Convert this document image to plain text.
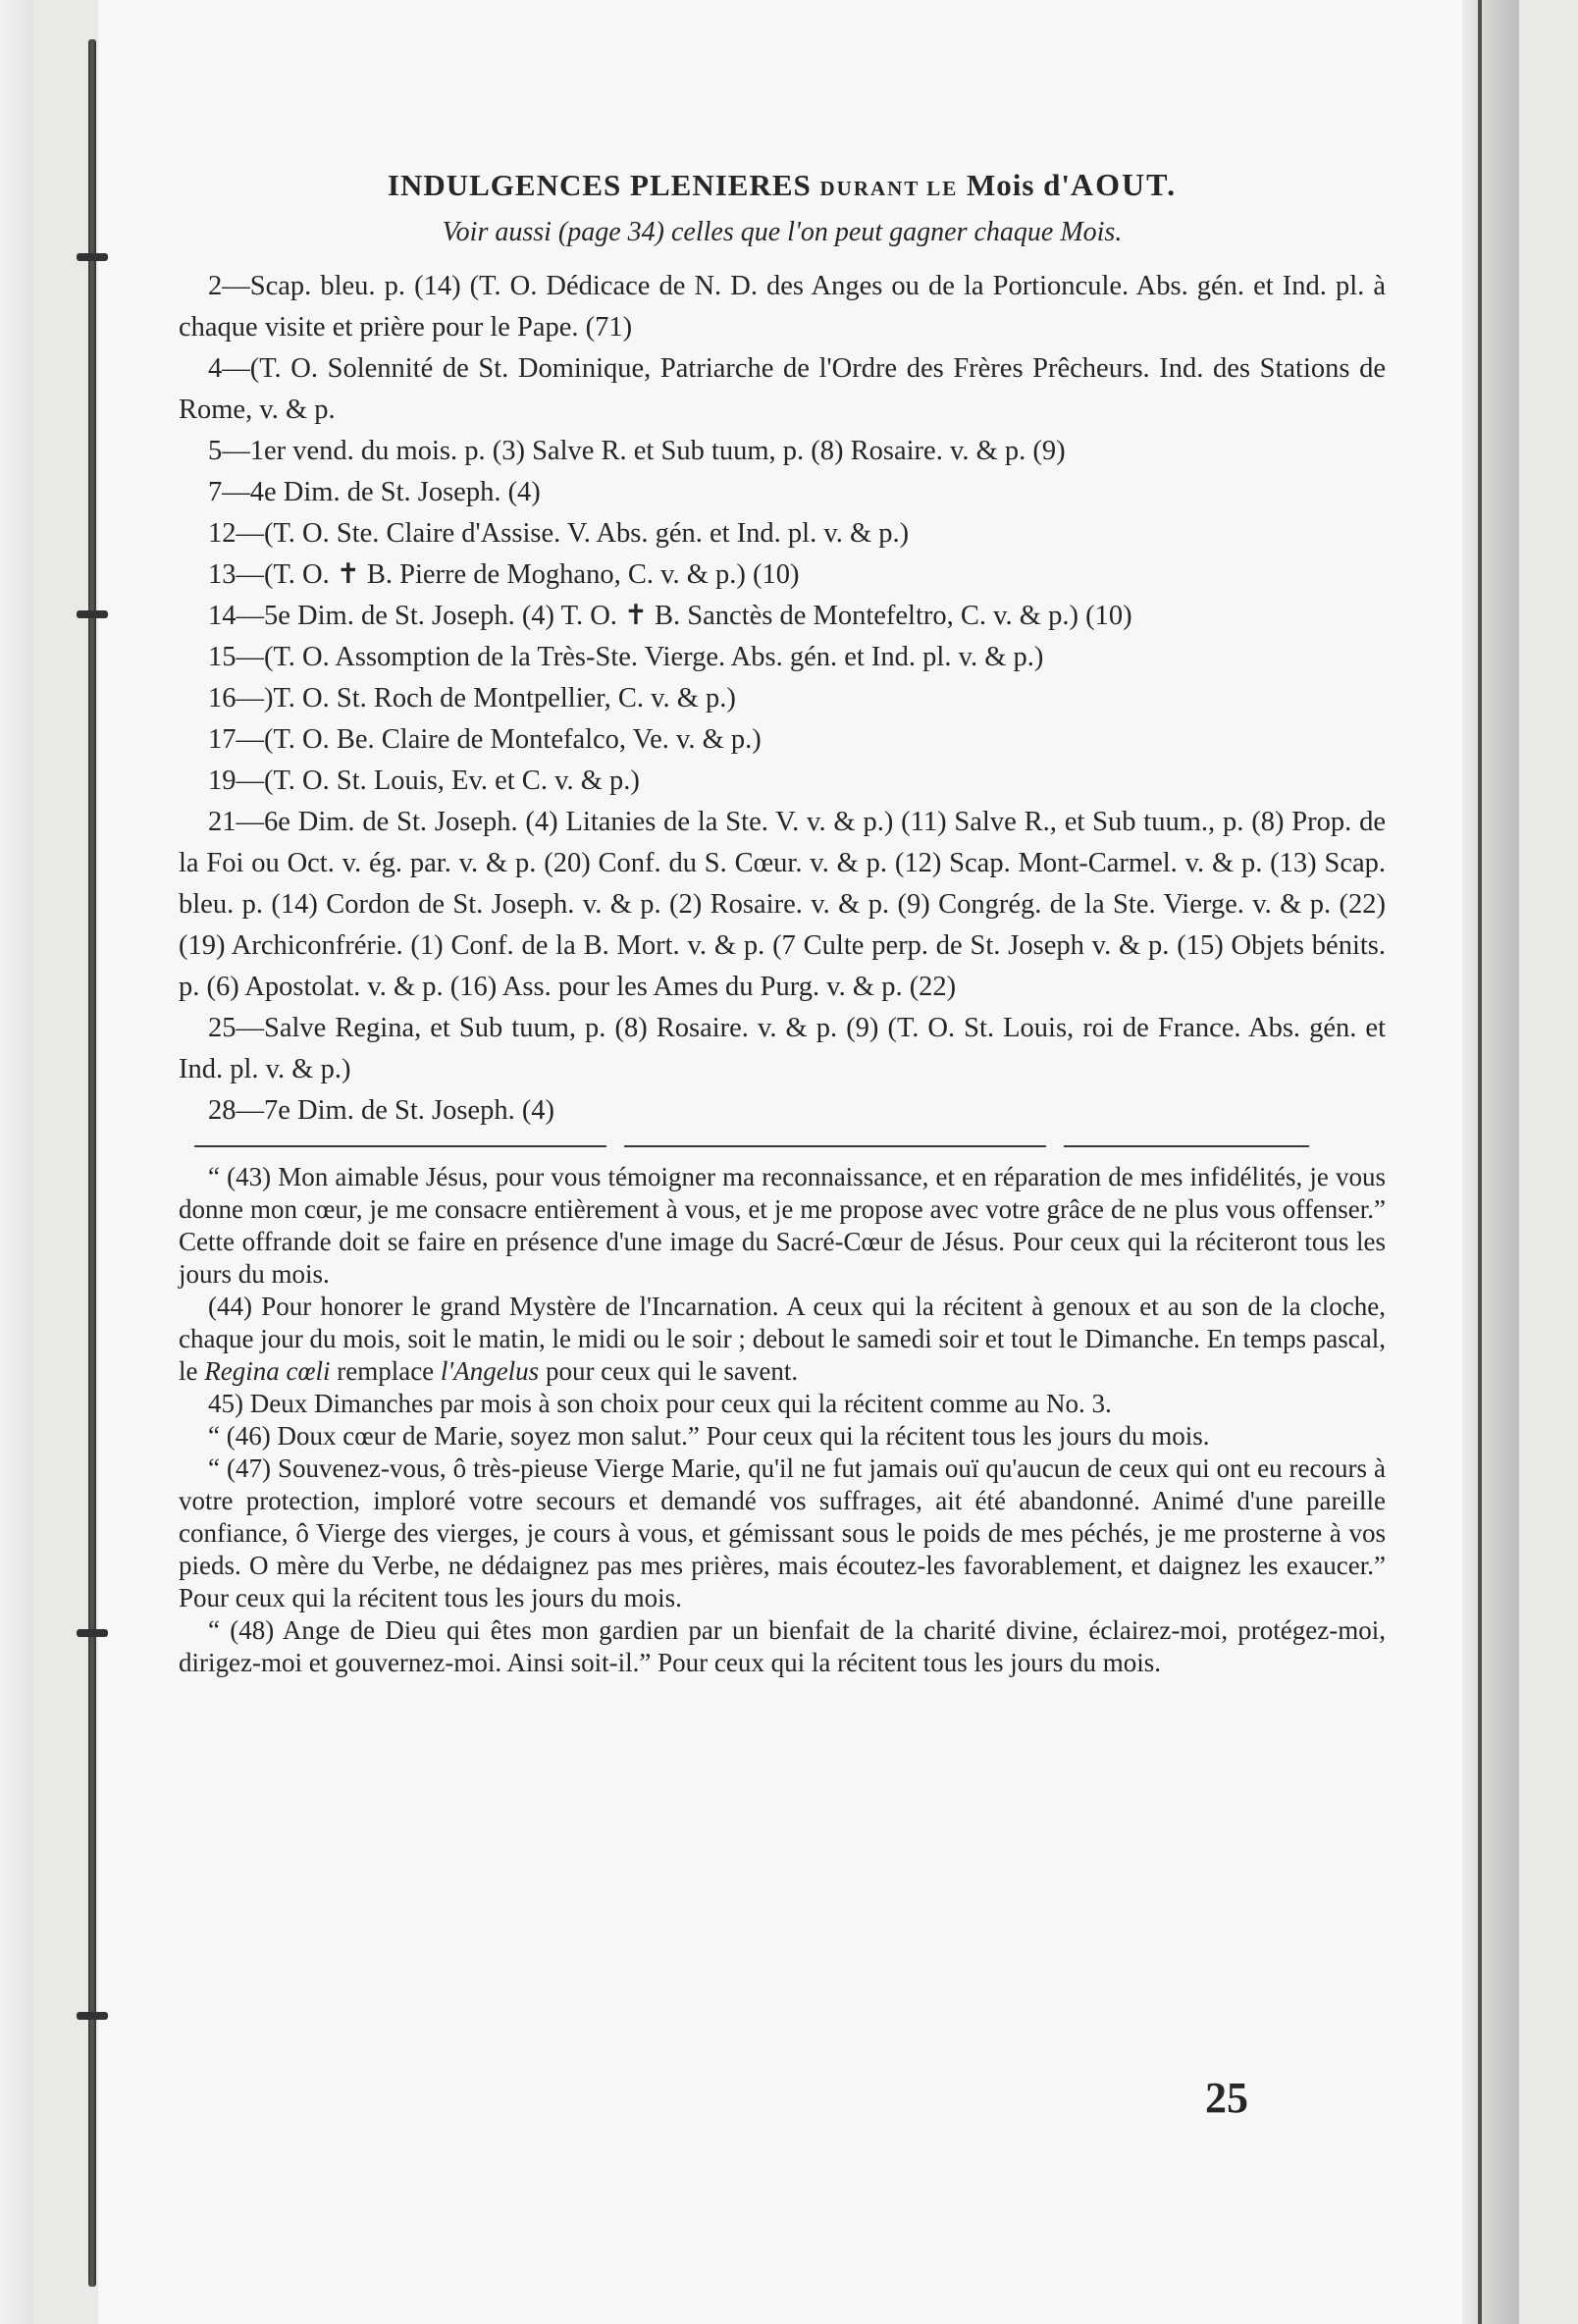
INDULGENCES PLENIERES DURANT LE Mois d'AOUT.

Voir aussi (page 34) celles que l'on peut gagner chaque Mois.

2—Scap. bleu. p. (14) (T. O. Dédicace de N. D. des Anges ou de la Portioncule. Abs. gén. et Ind. pl. à chaque visite et prière pour le Pape. (71)

4—(T. O. Solennité de St. Dominique, Patriarche de l'Ordre des Frères Prêcheurs. Ind. des Stations de Rome, v. & p.

5—1er vend. du mois. p. (3) Salve R. et Sub tuum, p. (8) Rosaire. v. & p. (9)

7—4e Dim. de St. Joseph. (4)

12—(T. O. Ste. Claire d'Assise. V. Abs. gén. et Ind. pl. v. & p.)

13—(T. O. ✝ B. Pierre de Moghano, C. v. & p.) (10)

14—5e Dim. de St. Joseph. (4) T. O. ✝ B. Sanctès de Montefeltro, C. v. & p.) (10)

15—(T. O. Assomption de la Très-Ste. Vierge. Abs. gén. et Ind. pl. v. & p.)

16—)T. O. St. Roch de Montpellier, C. v. & p.)

17—(T. O. Be. Claire de Montefalco, Ve. v. & p.)

19—(T. O. St. Louis, Ev. et C. v. & p.)

21—6e Dim. de St. Joseph. (4) Litanies de la Ste. V. v. & p.) (11) Salve R., et Sub tuum., p. (8) Prop. de la Foi ou Oct. v. ég. par. v. & p. (20) Conf. du S. Cœur. v. & p. (12) Scap. Mont-Carmel. v. & p. (13) Scap. bleu. p. (14) Cordon de St. Joseph. v. & p. (2) Rosaire. v. & p. (9) Congrég. de la Ste. Vierge. v. & p. (22) (19) Archiconfrérie. (1) Conf. de la B. Mort. v. & p. (7 Culte perp. de St. Joseph v. & p. (15) Objets bénits. p. (6) Apostolat. v. & p. (16) Ass. pour les Ames du Purg. v. & p. (22)

25—Salve Regina, et Sub tuum, p. (8) Rosaire. v. & p. (9) (T. O. St. Louis, roi de France. Abs. gén. et Ind. pl. v. & p.)

28—7e Dim. de St. Joseph. (4)

“ (43) Mon aimable Jésus, pour vous témoigner ma reconnaissance, et en réparation de mes infidélités, je vous donne mon cœur, je me consacre entièrement à vous, et je me propose avec votre grâce de ne plus vous offenser.” Cette offrande doit se faire en présence d'une image du Sacré-Cœur de Jésus. Pour ceux qui la réciteront tous les jours du mois.

(44) Pour honorer le grand Mystère de l'Incarnation. A ceux qui la récitent à genoux et au son de la cloche, chaque jour du mois, soit le matin, le midi ou le soir ; debout le samedi soir et tout le Dimanche. En temps pascal, le Regina cœli remplace l'Angelus pour ceux qui le savent.

45) Deux Dimanches par mois à son choix pour ceux qui la récitent comme au No. 3.

“ (46) Doux cœur de Marie, soyez mon salut.” Pour ceux qui la récitent tous les jours du mois.

“ (47) Souvenez-vous, ô très-pieuse Vierge Marie, qu'il ne fut jamais ouï qu'aucun de ceux qui ont eu recours à votre protection, imploré votre secours et demandé vos suffrages, ait été abandonné. Animé d'une pareille confiance, ô Vierge des vierges, je cours à vous, et gémissant sous le poids de mes péchés, je me prosterne à vos pieds. O mère du Verbe, ne dédaignez pas mes prières, mais écoutez-les favorablement, et daignez les exaucer.” Pour ceux qui la récitent tous les jours du mois.

“ (48) Ange de Dieu qui êtes mon gardien par un bienfait de la charité divine, éclairez-moi, protégez-moi, dirigez-moi et gouvernez-moi. Ainsi soit-il.” Pour ceux qui la récitent tous les jours du mois.

25
